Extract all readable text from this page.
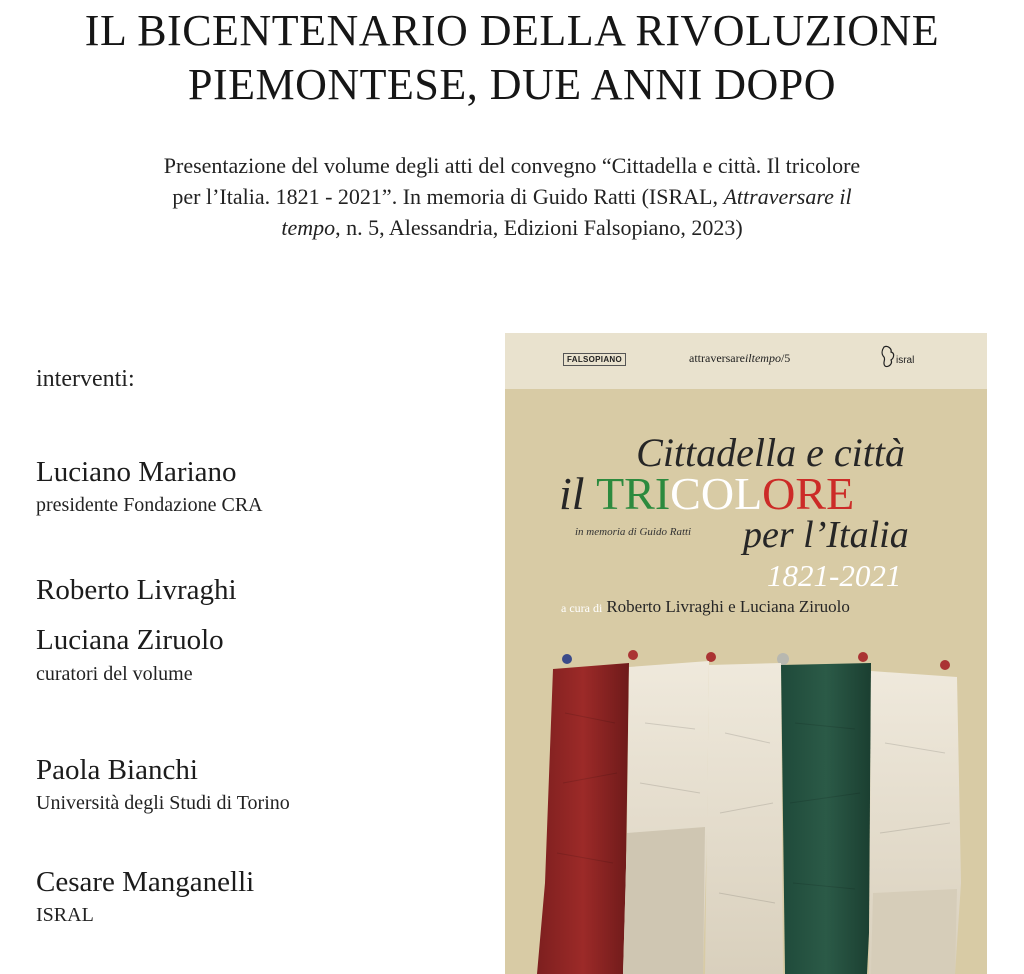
IL BICENTENARIO DELLA RIVOLUZIONE
PIEMONTESE, DUE ANNI DOPO
Presentazione del volume degli atti del convegno “Cittadella e città. Il tricolore
per l’Italia. 1821 - 2021”. In memoria di Guido Ratti (ISRAL, Attraversare il
tempo, n. 5, Alessandria, Edizioni Falsopiano, 2023)
interventi:
Luciano Mariano
presidente Fondazione CRA
Roberto Livraghi
Luciana Ziruolo
curatori del volume
Paola Bianchi
Università degli Studi di Torino
Cesare Manganelli
ISRAL
FALSOPIANO	attraversareiltempo/5	isral
Cittadella e città
il TRICOLORE
in memoria di Guido Ratti per l’Italia
1821-2021
a cura di Roberto Livraghi e Luciana Ziruolo
